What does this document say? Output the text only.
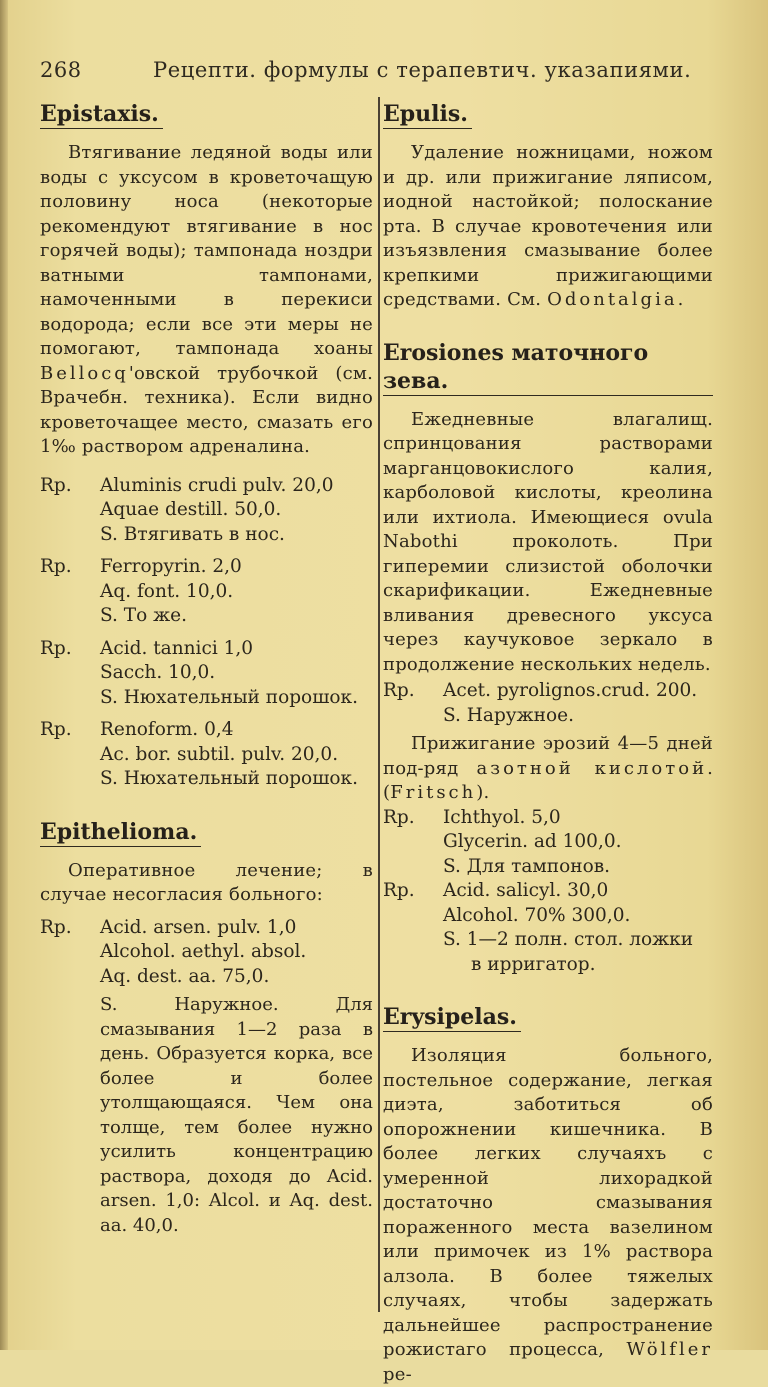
268	Рецепти. формулы с терапевтич. указапиями.
Epistaxis.

Втягивание ледяной воды или воды с уксусом в кроветочащую половину носа (некоторые рекомендуют втягивание в нос горячей воды); тампонада ноздри ватными тампонами, намоченными в перекиси водорода; если все эти меры не помогают, тампонада хоаны Bellocq'овской трубочкой (см. Врачебн. техника). Если видно кроветочащее место, смазать его 1‰ раствором адреналина.

Rp. Aluminis crudi pulv. 20,0
Aquae destill. 50,0.
S. Втягивать в нос.
Rp. Ferropyrin. 2,0
Aq. font. 10,0.
S. То же.
Rp. Acid. tannici 1,0
Sacch. 10,0.
S. Нюхательный порошок.
Rp. Renoform. 0,4
Ac. bor. subtil. pulv. 20,0.
S. Нюхательный порошок.
Epithelioma.

Оперативное лечение; в случае несогласия больного:

Rp. Acid. arsen. pulv. 1,0
Alcohol. aethyl. absol.
Aq. dest. aa. 75,0.
S. Наружное. Для смазывания 1—2 раза в день. Образуется корка, все более и более утолщающаяся. Чем она толще, тем более нужно усилить концентрацию раствора, доходя до Acid. arsen. 1,0: Alcol. и Aq. dest. aa. 40,0.
Epulis.

Удаление ножницами, ножом и др. или прижигание ляписом, иодной настойкой; полоскание рта. В случае кровотечения или изъязвления смазывание более крепкими прижигающими средствами. См. Odontalgia.

Erosiones маточного зева.

Ежедневные влагалищ. спринцования растворами марганцовокислого калия, карболовой кислоты, креолина или ихтиола. Имеющиеся ovula Nabothi проколоть. При гиперемии слизистой оболочки скарификации. Ежедневные вливания древесного уксуса через каучуковое зеркало в продолжение нескольких недель.

Rp. Acet. pyrolignos.crud. 200.
S. Наружное.

Прижигание эрозий 4—5 дней под-ряд азотной кислотой. (Fritsch).

Rp. Ichthyol. 5,0
Glycerin. ad 100,0.
S. Для тампонов.
Rp. Acid. salicyl. 30,0
Alcohol. 70% 300,0.
S. 1—2 полн. стол. ложки
в ирригатор.
Erysipelas.

Изоляция больного, постельное содержание, легкая диэта, заботиться об опорожнении кишечника. В более легких случаяхъ с умеренной лихорадкой достаточно смазывания пораженного места вазелином или примочек из 1% раствора алзола. В более тяжелых случаях, чтобы задержать дальнейшее распространение рожистаго процесса, Wölfler ре-
